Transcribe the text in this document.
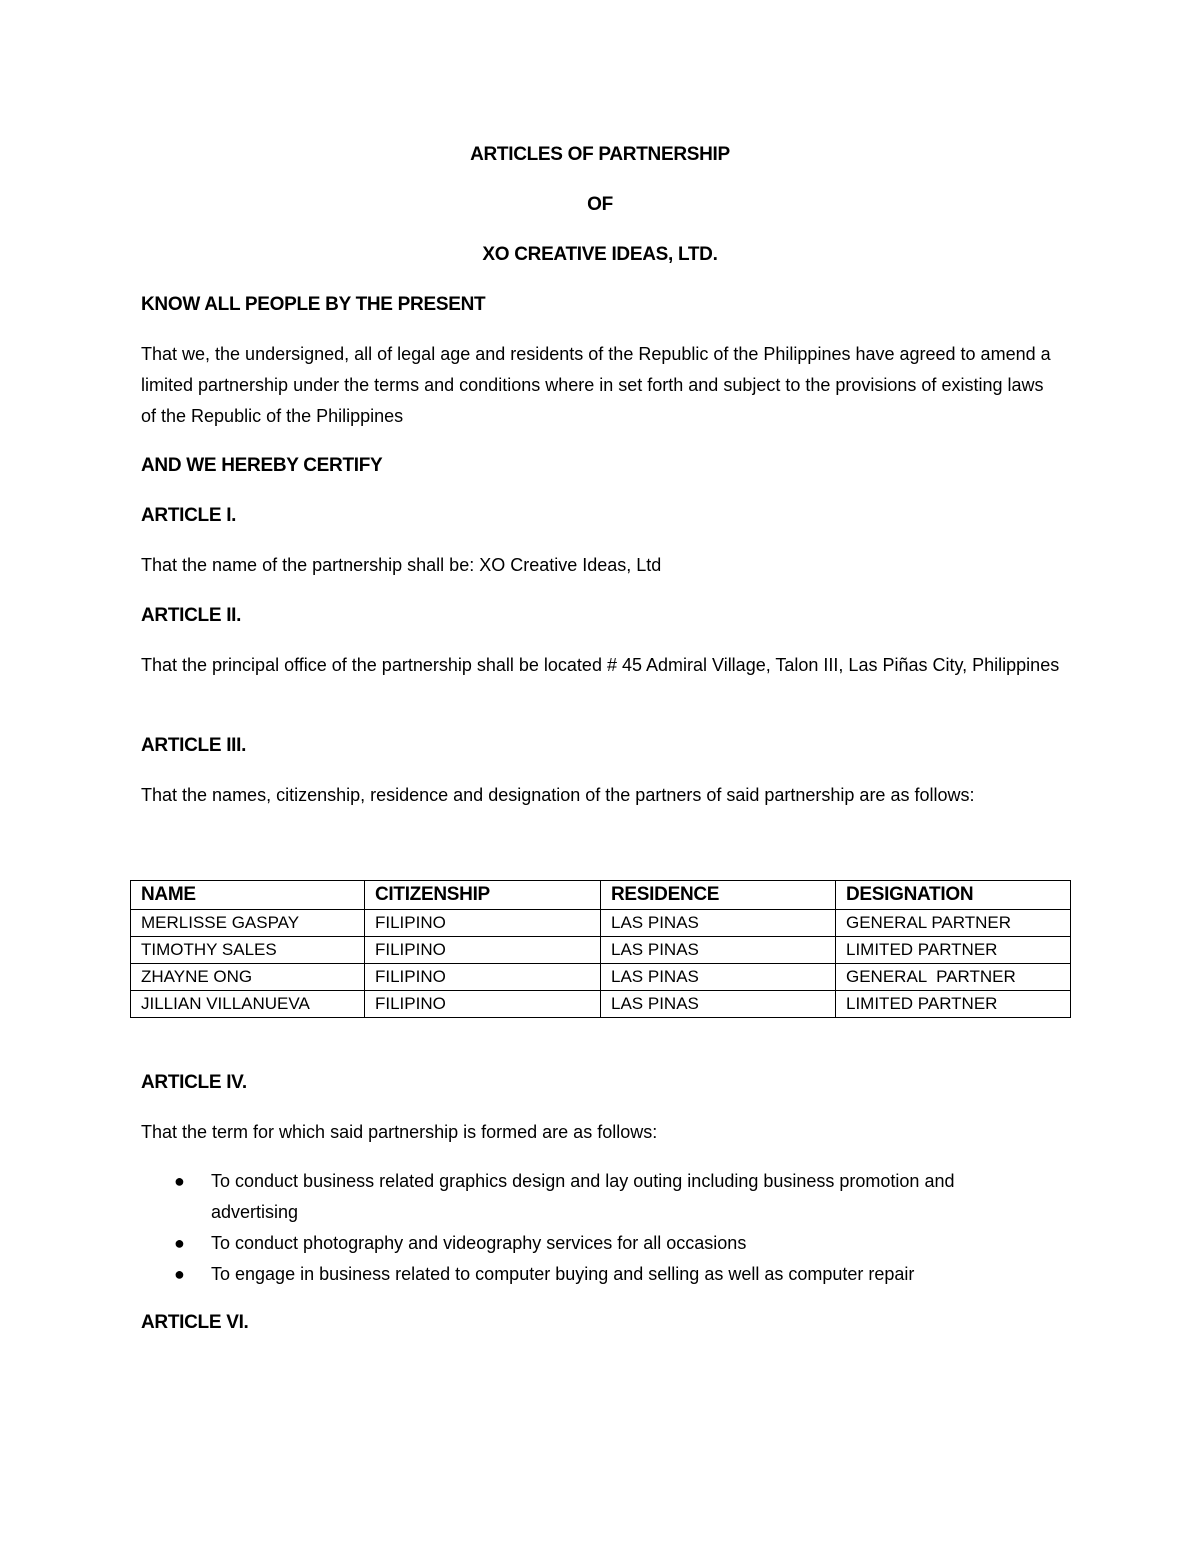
ARTICLES OF PARTNERSHIP
OF
XO CREATIVE IDEAS, LTD.
KNOW ALL PEOPLE BY THE PRESENT
That we, the undersigned, all of legal age and residents of the Republic of the Philippines have agreed to amend a limited partnership under the terms and conditions where in set forth and subject to the provisions of existing laws of the Republic of the Philippines
AND WE HEREBY CERTIFY
ARTICLE I.
That the name of the partnership shall be: XO Creative Ideas, Ltd
ARTICLE II.
That the principal office of the partnership shall be located # 45 Admiral Village, Talon III, Las Piñas City, Philippines
ARTICLE III.
That the names, citizenship, residence and designation of the partners of said partnership are as follows:
NAME	CITIZENSHIP	RESIDENCE	DESIGNATION
MERLISSE GASPAY	FILIPINO	LAS PINAS	GENERAL PARTNER
TIMOTHY SALES	FILIPINO	LAS PINAS	LIMITED PARTNER
ZHAYNE ONG	FILIPINO	LAS PINAS	GENERAL  PARTNER
JILLIAN VILLANUEVA	FILIPINO	LAS PINAS	LIMITED PARTNER
ARTICLE IV.
That the term for which said partnership is formed are as follows:
● To conduct business related graphics design and lay outing including business promotion and advertising
● To conduct photography and videography services for all occasions
● To engage in business related to computer buying and selling as well as computer repair
ARTICLE VI.
